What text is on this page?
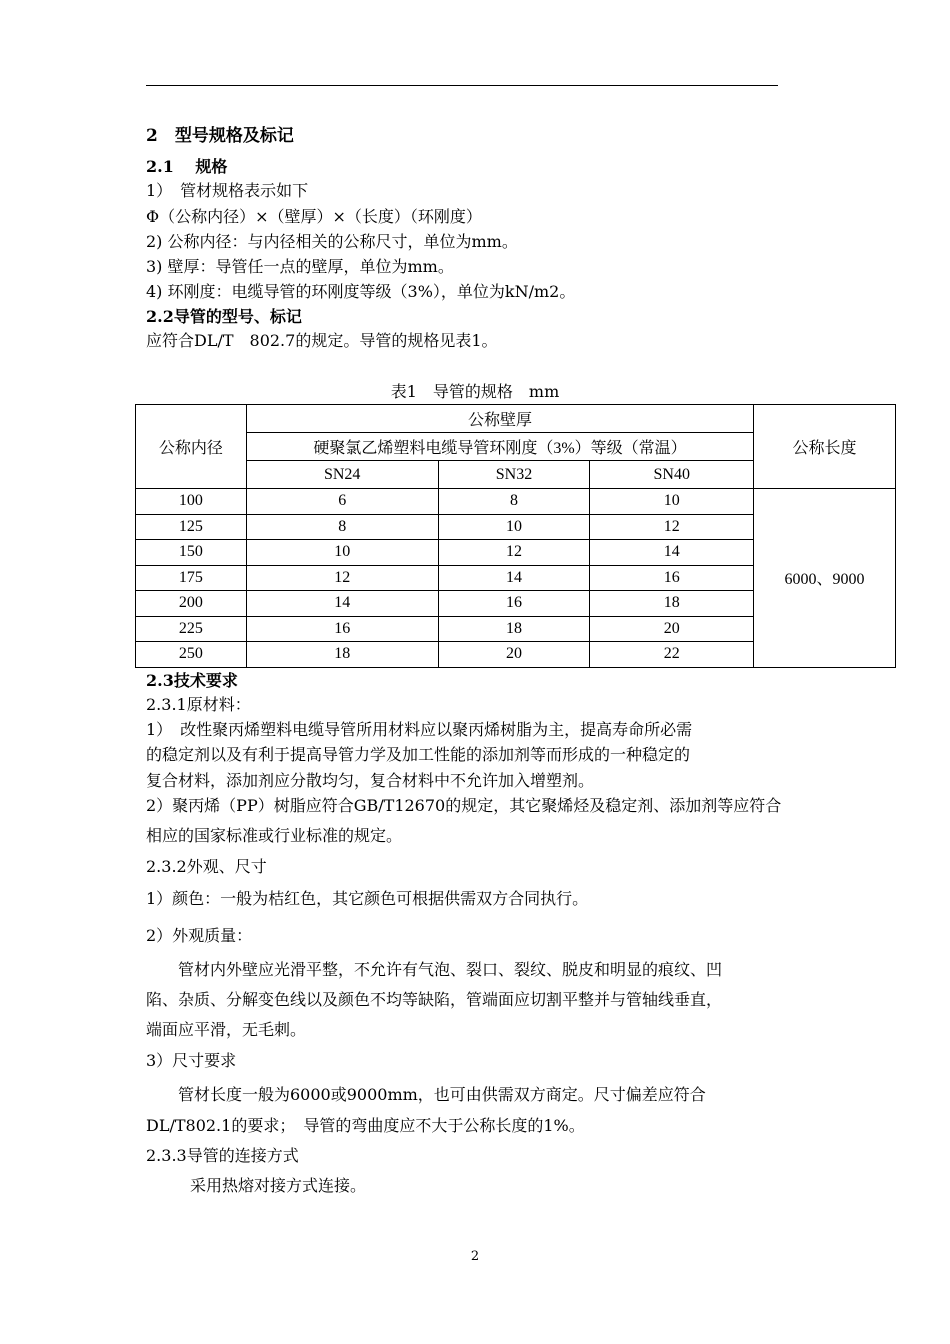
2　型号规格及标记
2.1　 规格
1）　管材规格表示如下
Φ（公称内径）×（壁厚）×（长度）（环刚度）
2) 公称内径：与内径相关的公称尺寸，单位为mm。
3) 壁厚：导管任一点的壁厚，单位为mm。
4) 环刚度：电缆导管的环刚度等级（3%），单位为kN/m2。
2.2导管的型号、标记
应符合DL/T　802.7的规定。导管的规格见表1。
表1　导管的规格　mm
公称内径	公称壁厚			公称长度
	硬聚氯乙烯塑料电缆导管环刚度（3%）等级（常温）			
	SN24	SN32	SN40	
100	6	8	10	6000、9000
125	8	10	12	
150	10	12	14	
175	12	14	16	
200	14	16	18	
225	16	18	20	
250	18	20	22	
2.3技术要求
2.3.1原材料：
1）　改性聚丙烯塑料电缆导管所用材料应以聚丙烯树脂为主，提高寿命所必需
的稳定剂以及有利于提高导管力学及加工性能的添加剂等而形成的一种稳定的
复合材料，添加剂应分散均匀，复合材料中不允许加入增塑剂。
2）聚丙烯（PP）树脂应符合GB/T12670的规定，其它聚烯烃及稳定剂、添加剂等应符合
相应的国家标准或行业标准的规定。
2.3.2外观、尺寸
1）颜色：一般为桔红色，其它颜色可根据供需双方合同执行。
2）外观质量：
管材内外壁应光滑平整，不允许有气泡、裂口、裂纹、脱皮和明显的痕纹、凹
陷、杂质、分解变色线以及颜色不均等缺陷，管端面应切割平整并与管轴线垂直，
端面应平滑，无毛刺。
3）尺寸要求
管材长度一般为6000或9000mm，也可由供需双方商定。尺寸偏差应符合
DL/T802.1的要求；　导管的弯曲度应不大于公称长度的1%。
2.3.3导管的连接方式
采用热熔对接方式连接。
2
